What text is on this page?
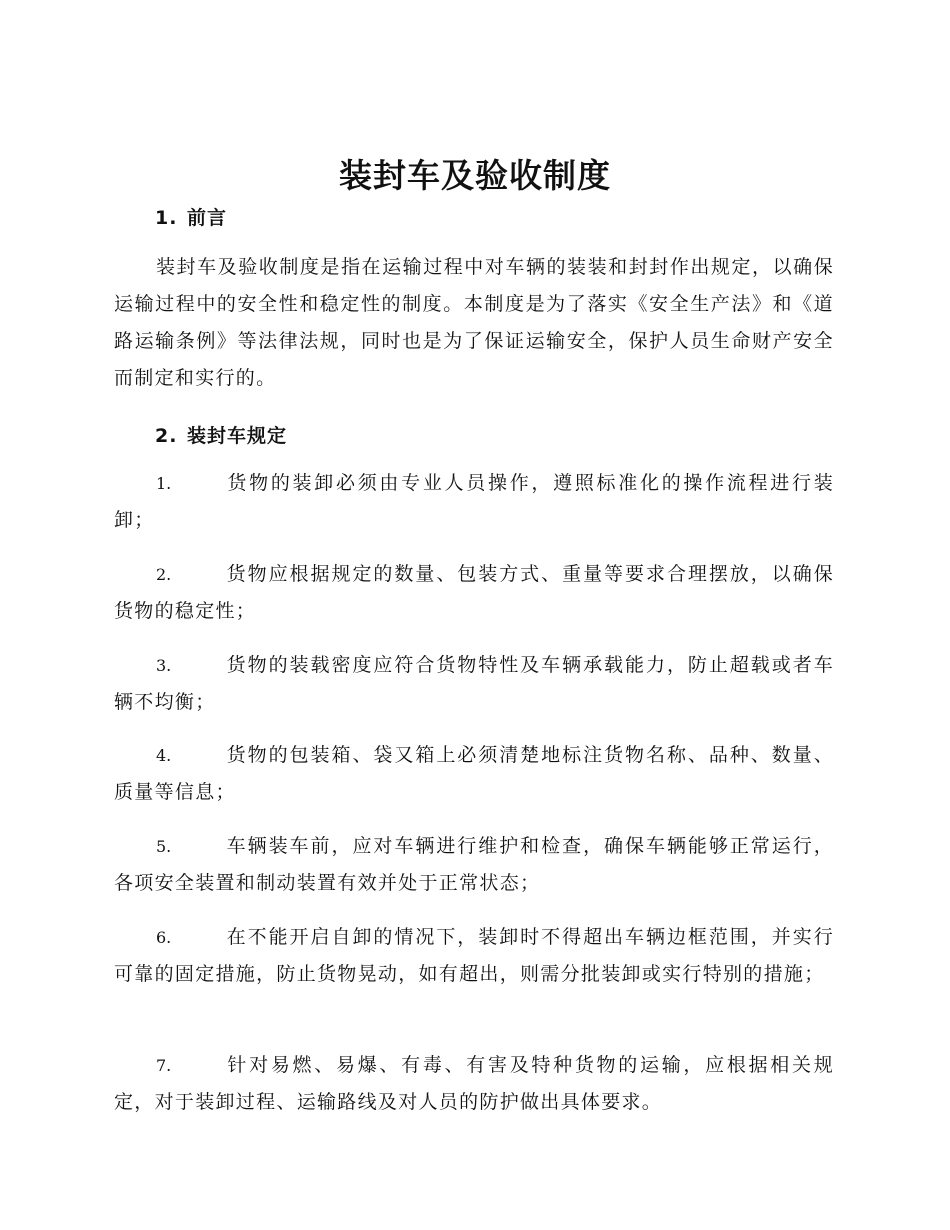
装封车及验收制度
1. 前言

装封车及验收制度是指在运输过程中对车辆的装装和封封作出规定，以确保运输过程中的安全性和稳定性的制度。本制度是为了落实《安全生产法》和《道路运输条例》等法律法规，同时也是为了保证运输安全，保护人员生命财产安全而制定和实行的。

2. 装封车规定

1.	货物的装卸必须由专业人员操作，遵照标准化的操作流程进行装卸；

2.	货物应根据规定的数量、包装方式、重量等要求合理摆放，以确保货物的稳定性；

3.	货物的装载密度应符合货物特性及车辆承载能力，防止超载或者车辆不均衡；

4.	货物的包装箱、袋又箱上必须清楚地标注货物名称、品种、数量、质量等信息；

5.	车辆装车前，应对车辆进行维护和检查，确保车辆能够正常运行，各项安全装置和制动装置有效并处于正常状态；

6.	在不能开启自卸的情况下，装卸时不得超出车辆边框范围，并实行可靠的固定措施，防止货物晃动，如有超出，则需分批装卸或实行特别的措施；

7.	针对易燃、易爆、有毒、有害及特种货物的运输，应根据相关规定，对于装卸过程、运输路线及对人员的防护做出具体要求。
